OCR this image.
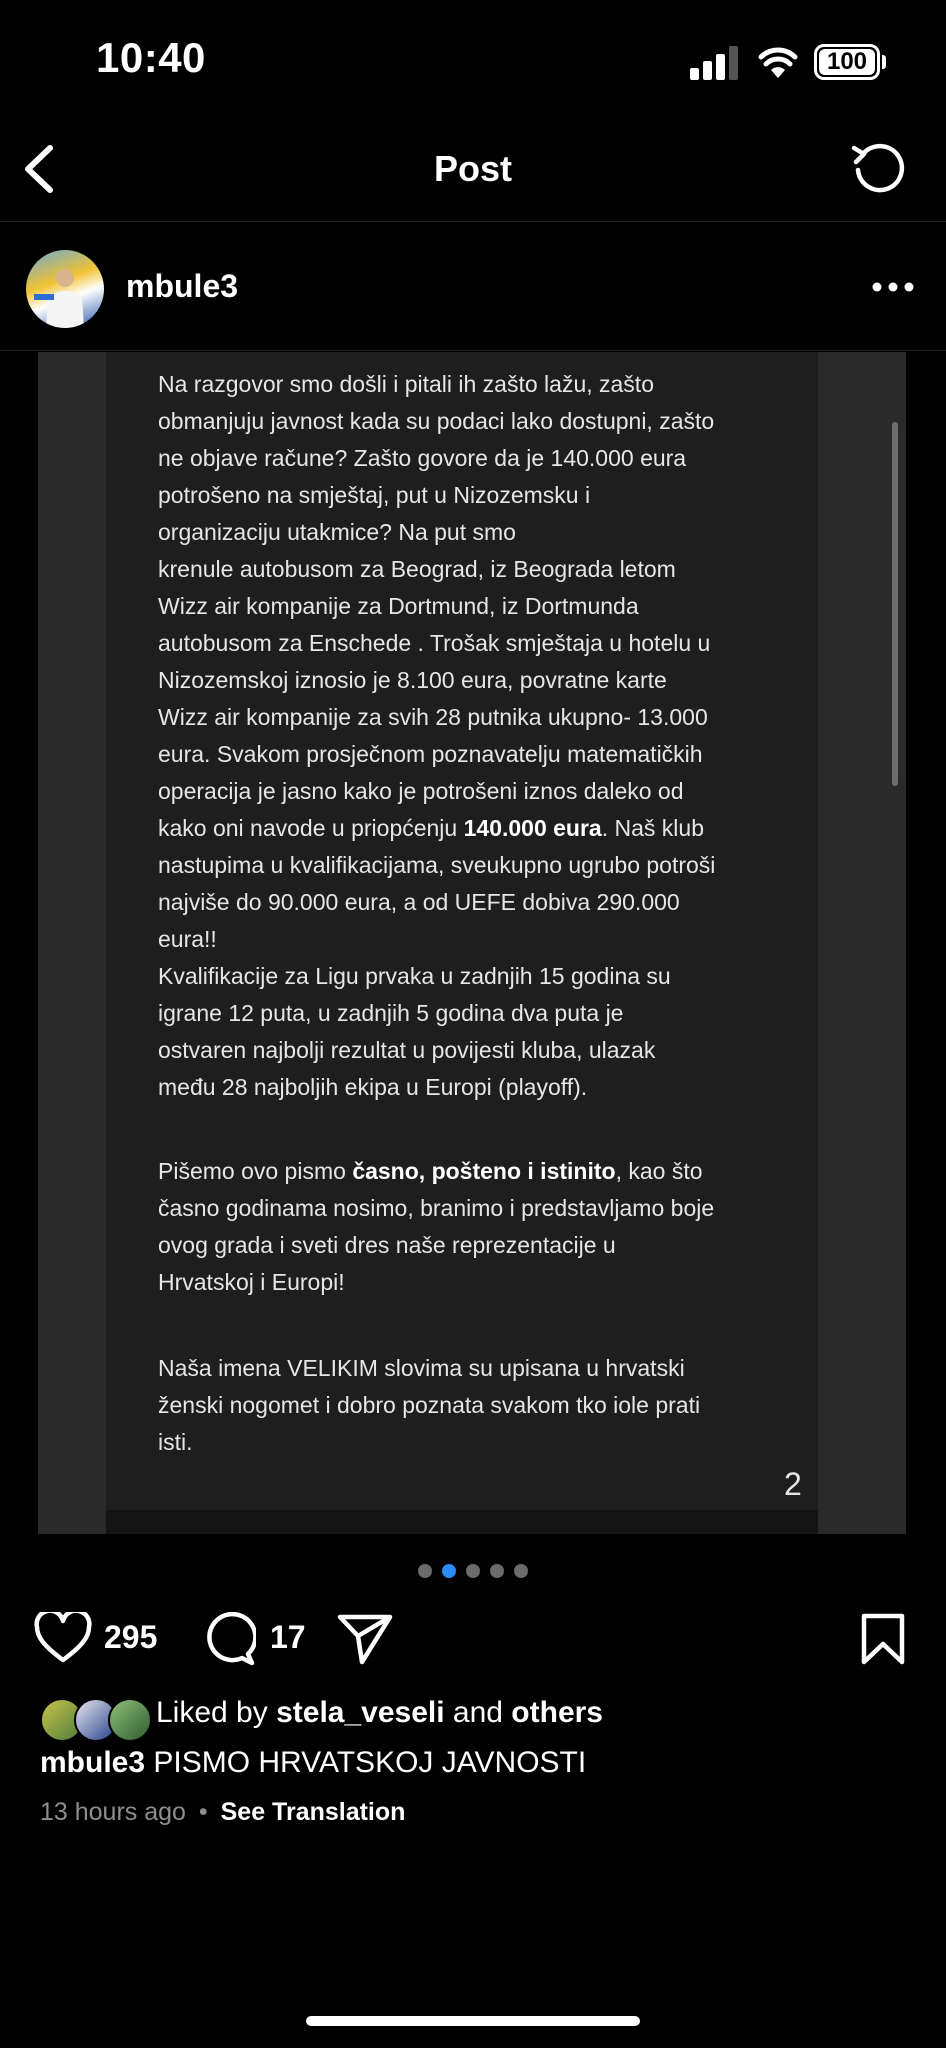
10:40	100
Post
mbule3

Na razgovor smo došli i pitali ih zašto lažu, zašto

obmanjuju javnost kada su podaci lako dostupni, zašto

ne objave račune? Zašto govore da je 140.000 eura

potrošeno na smještaj, put u Nizozemsku i

organizaciju utakmice? Na put smo

krenule autobusom za Beograd, iz Beograda letom

Wizz air kompanije za Dortmund, iz Dortmunda

autobusom za Enschede . Trošak smještaja u hotelu u

Nizozemskoj iznosio je 8.100 eura, povratne karte

Wizz air kompanije za svih 28 putnika ukupno- 13.000

eura. Svakom prosječnom poznavatelju matematičkih

operacija je jasno kako je potrošeni iznos daleko od

kako oni navode u priopćenju 140.000 eura. Naš klub

nastupima u kvalifikacijama, sveukupno ugrubo potroši

najviše do 90.000 eura, a od UEFE dobiva 290.000

eura!!

Kvalifikacije za Ligu prvaka u zadnjih 15 godina su

igrane 12 puta, u zadnjih 5 godina dva puta je

ostvaren najbolji rezultat u povijesti kluba, ulazak

među 28 najboljih ekipa u Europi (playoff).

Pišemo ovo pismo časno, pošteno i istinito, kao što

časno godinama nosimo, branimo i predstavljamo boje

ovog grada i sveti dres naše reprezentacije u

Hrvatskoj i Europi!

Naša imena VELIKIM slovima su upisana u hrvatski

ženski nogomet i dobro poznata svakom tko iole prati

isti.

2
295	17
Liked by stela_veseli and others
mbule3 PISMO HRVATSKOJ JAVNOSTI
13 hours ago • See Translation
